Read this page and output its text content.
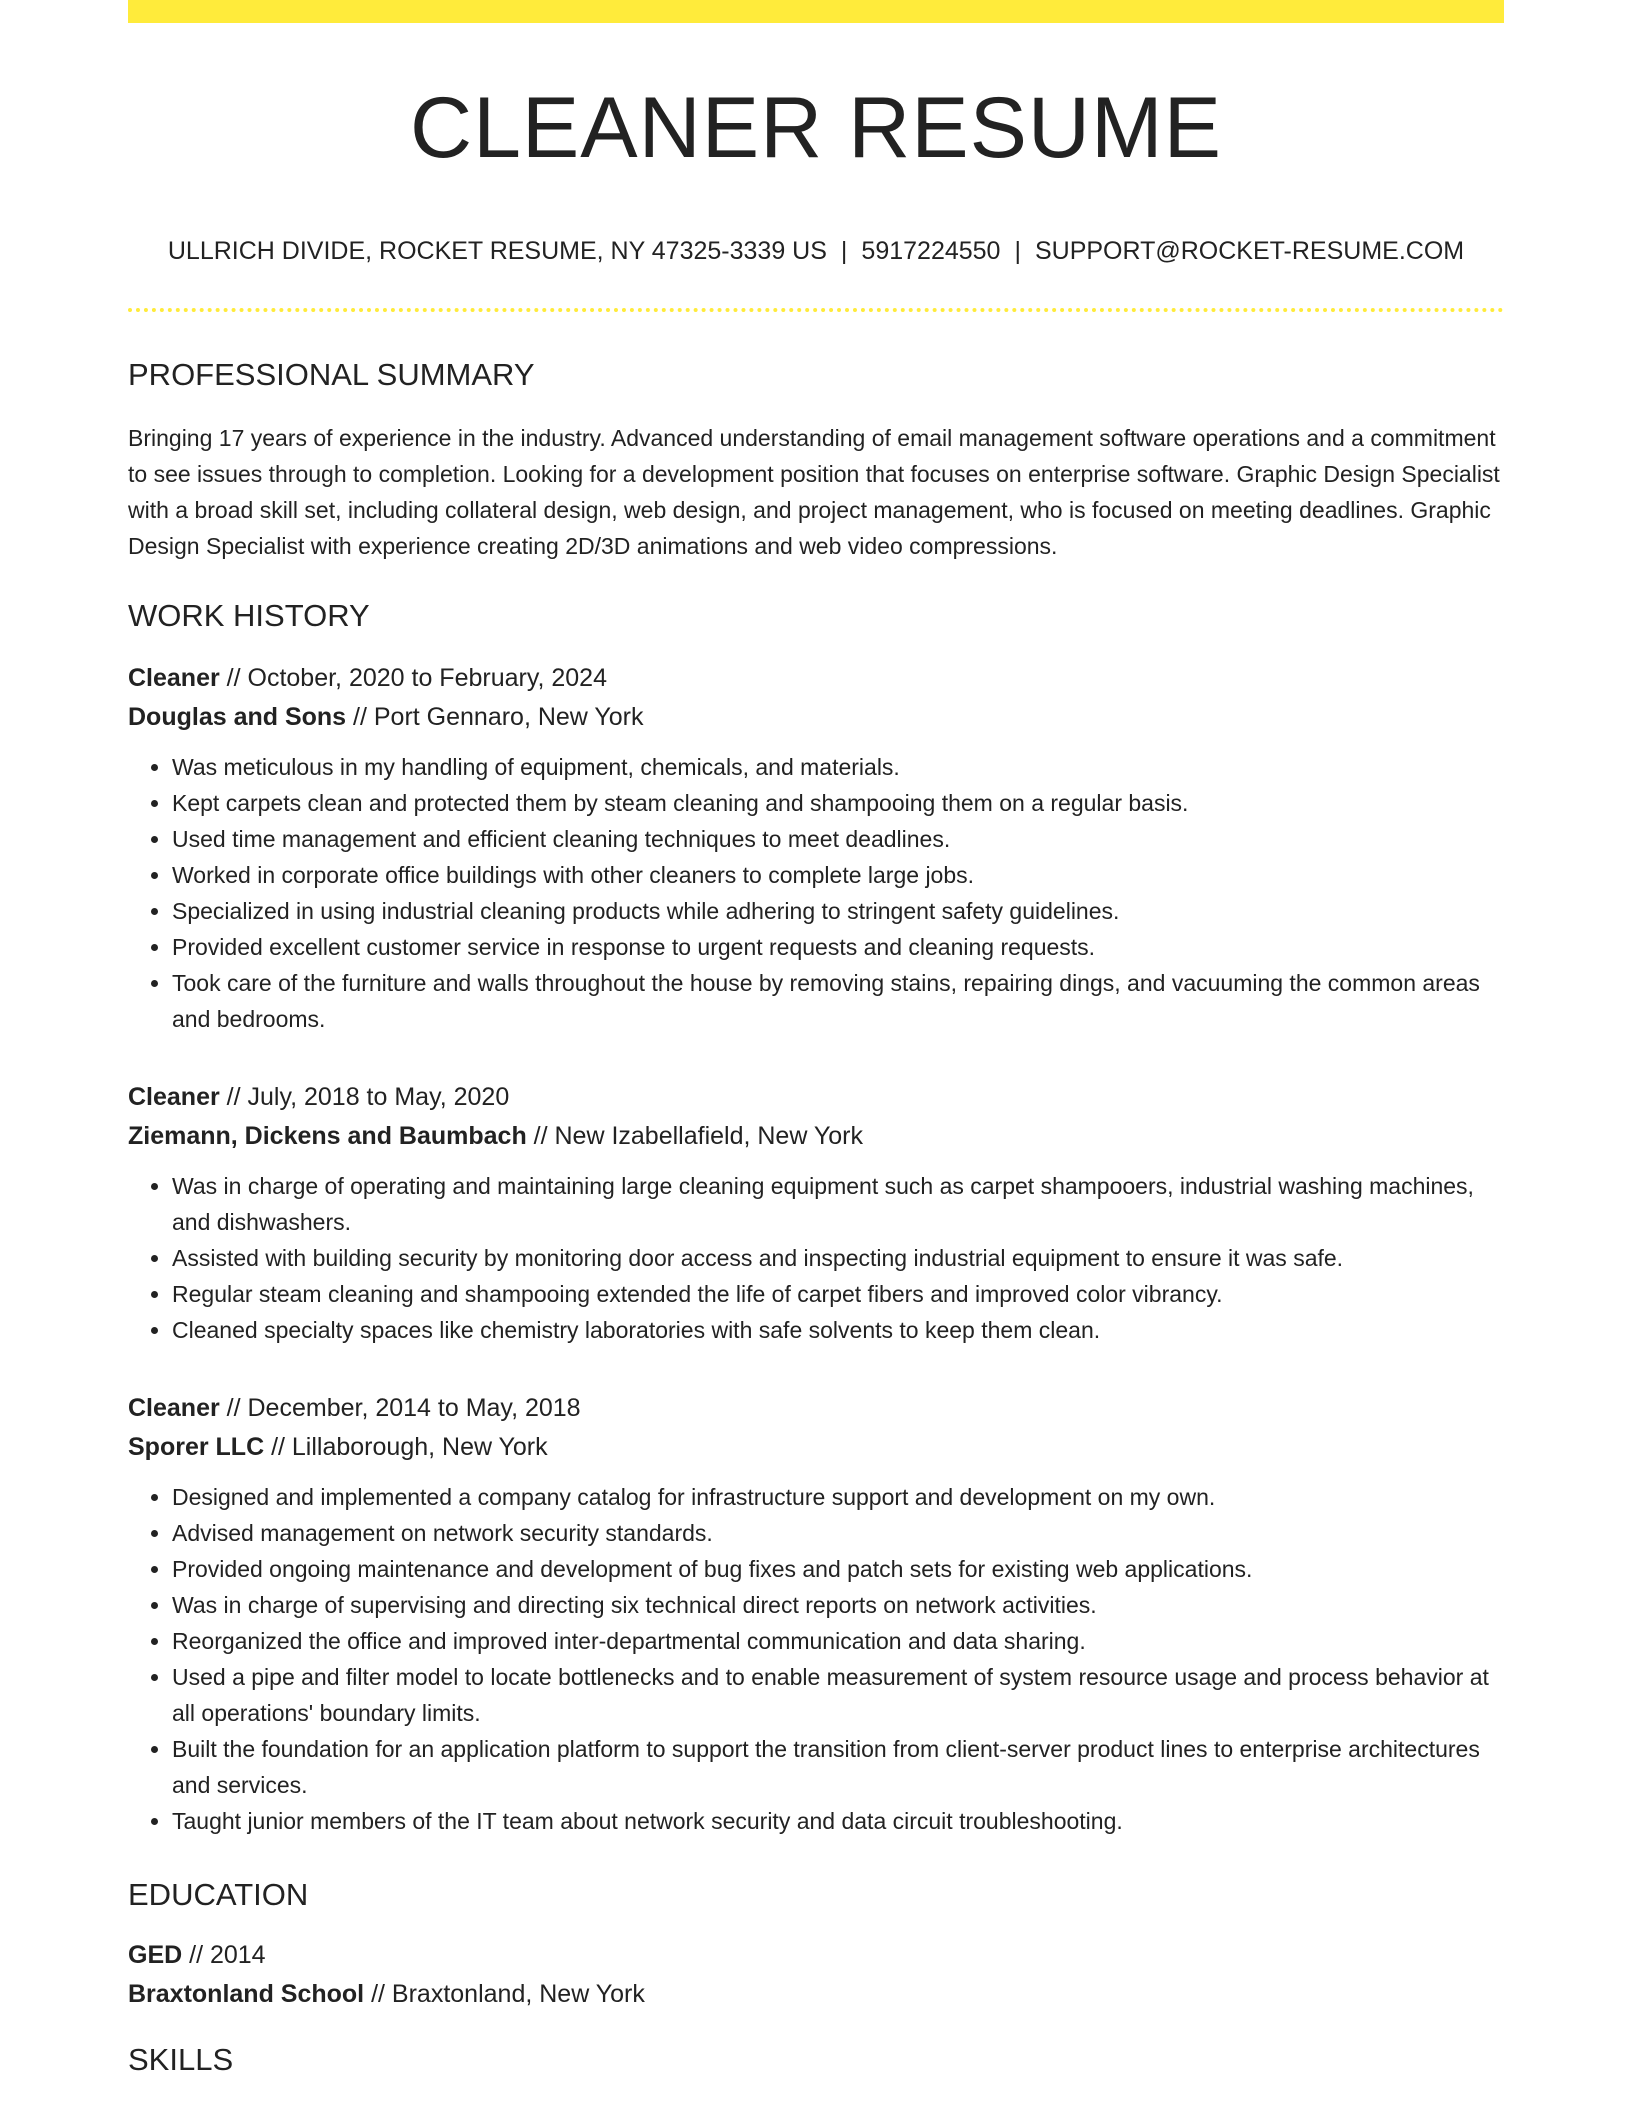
CLEANER RESUME
ULLRICH DIVIDE, ROCKET RESUME, NY 47325-3339 US | 5917224550 | SUPPORT@ROCKET-RESUME.COM
PROFESSIONAL SUMMARY
Bringing 17 years of experience in the industry. Advanced understanding of email management software operations and a commitment to see issues through to completion. Looking for a development position that focuses on enterprise software. Graphic Design Specialist with a broad skill set, including collateral design, web design, and project management, who is focused on meeting deadlines. Graphic Design Specialist with experience creating 2D/3D animations and web video compressions.
WORK HISTORY
Cleaner // October, 2020 to February, 2024
Douglas and Sons // Port Gennaro, New York
• Was meticulous in my handling of equipment, chemicals, and materials.
• Kept carpets clean and protected them by steam cleaning and shampooing them on a regular basis.
• Used time management and efficient cleaning techniques to meet deadlines.
• Worked in corporate office buildings with other cleaners to complete large jobs.
• Specialized in using industrial cleaning products while adhering to stringent safety guidelines.
• Provided excellent customer service in response to urgent requests and cleaning requests.
• Took care of the furniture and walls throughout the house by removing stains, repairing dings, and vacuuming the common areas and bedrooms.
Cleaner // July, 2018 to May, 2020
Ziemann, Dickens and Baumbach // New Izabellafield, New York
• Was in charge of operating and maintaining large cleaning equipment such as carpet shampooers, industrial washing machines, and dishwashers.
• Assisted with building security by monitoring door access and inspecting industrial equipment to ensure it was safe.
• Regular steam cleaning and shampooing extended the life of carpet fibers and improved color vibrancy.
• Cleaned specialty spaces like chemistry laboratories with safe solvents to keep them clean.
Cleaner // December, 2014 to May, 2018
Sporer LLC // Lillaborough, New York
• Designed and implemented a company catalog for infrastructure support and development on my own.
• Advised management on network security standards.
• Provided ongoing maintenance and development of bug fixes and patch sets for existing web applications.
• Was in charge of supervising and directing six technical direct reports on network activities.
• Reorganized the office and improved inter-departmental communication and data sharing.
• Used a pipe and filter model to locate bottlenecks and to enable measurement of system resource usage and process behavior at all operations' boundary limits.
• Built the foundation for an application platform to support the transition from client-server product lines to enterprise architectures and services.
• Taught junior members of the IT team about network security and data circuit troubleshooting.
EDUCATION
GED // 2014
Braxtonland School // Braxtonland, New York
SKILLS
